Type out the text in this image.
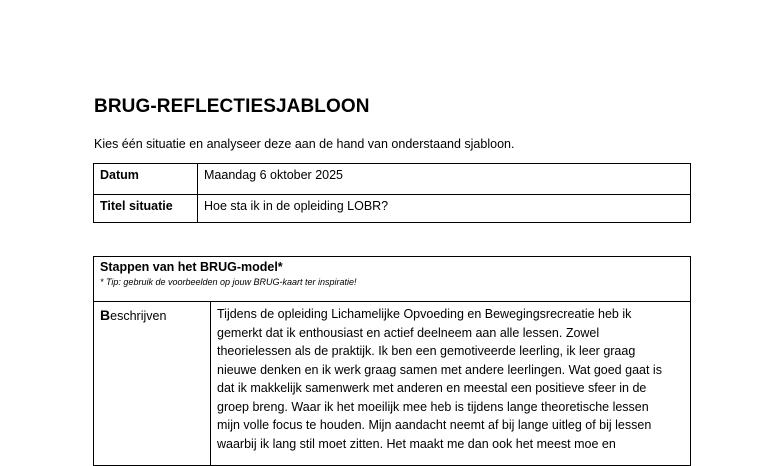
BRUG-REFLECTIESJABLOON
Kies één situatie en analyseer deze aan de hand van onderstaand sjabloon.
Datum	Maandag 6 oktober 2025
Titel situatie	Hoe sta ik in de opleiding LOBR?
Stappen van het BRUG-model*
* Tip: gebruik de voorbeelden op jouw BRUG-kaart ter inspiratie!

Beschrijven	Tijdens de opleiding Lichamelijke Opvoeding en Bewegingsrecreatie heb ik
gemerkt dat ik enthousiast en actief deelneem aan alle lessen. Zowel
theorielessen als de praktijk. Ik ben een gemotiveerde leerling, ik leer graag
nieuwe denken en ik werk graag samen met andere leerlingen. Wat goed gaat is
dat ik makkelijk samenwerk met anderen en meestal een positieve sfeer in de
groep breng. Waar ik het moeilijk mee heb is tijdens lange theoretische lessen
mijn volle focus te houden. Mijn aandacht neemt af bij lange uitleg of bij lessen
waarbij ik lang stil moet zitten. Het maakt me dan ook het meest moe en
